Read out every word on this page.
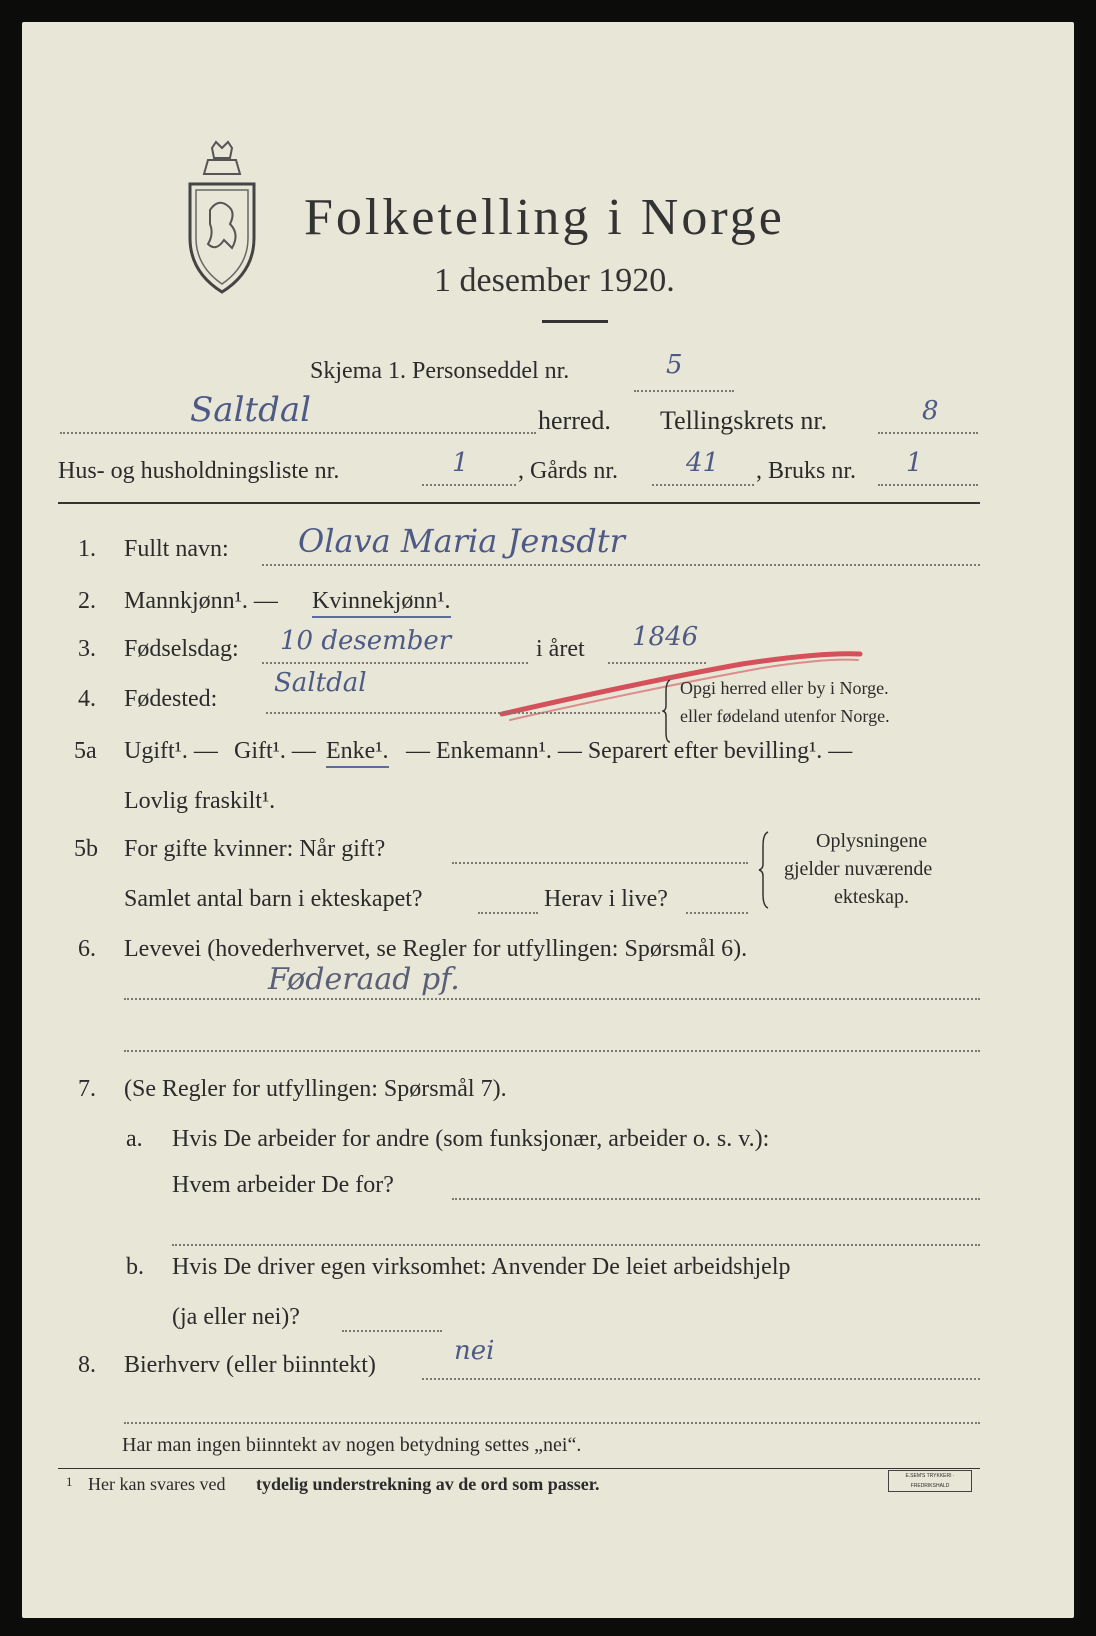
Folketelling i Norge
1 desember 1920.
Skjema 1. Personseddel nr.	5
Saltdal	herred. Tellingskrets nr.	8
Hus- og husholdningsliste nr.	1 , Gårds nr.	41 , Bruks nr. 1
1. Fullt navn: Olava Maria Jensdtr
2. Mannkjønn¹. — Kvinnekjønn¹.
3. Fødselsdag: 10 desember	i året 1846
4. Fødested:
Saltdal	Opgi herred eller by i Norge.
eller fødeland utenfor Norge.
5a Ugift¹. — Gift¹. — Enke¹. — Enkemann¹. — Separert efter bevilling¹. —
Lovlig fraskilt¹.
5b For gifte kvinner: Når gift?
Samlet antal barn i ekteskapet?	Herav i live?
Oplysningene
gjelder nuværende
ekteskap.
6. Levevei (hovederhvervet, se Regler for utfyllingen: Spørsmål 6).
Føderaad pf.
7. (Se Regler for utfyllingen: Spørsmål 7).
a. Hvis De arbeider for andre (som funksjonær, arbeider o. s. v.):
Hvem arbeider De for?
b. Hvis De driver egen virksomhet: Anvender De leiet arbeidshjelp
(ja eller nei)?
8. Bierhverv (eller biinntekt)	nei
Har man ingen biinntekt av nogen betydning settes „nei“.
1 Her kan svares ved tydelig understrekning av de ord som passer.	E.SEM'S TRYKKERI · FREDRIKSHALD
